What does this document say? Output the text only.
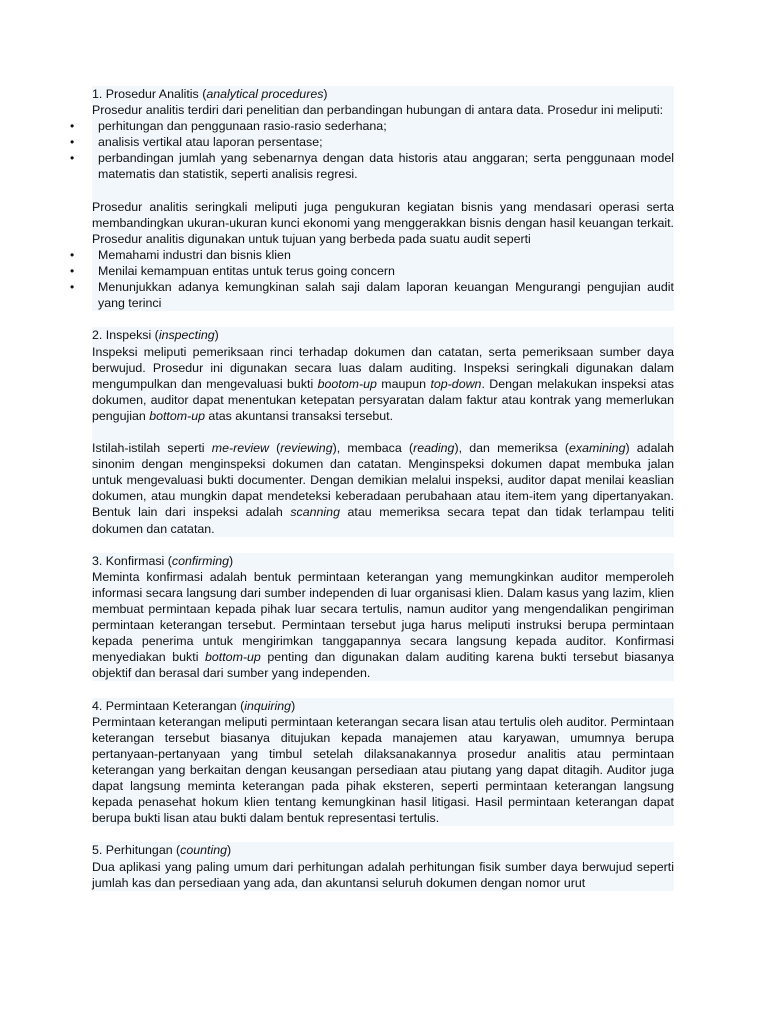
1. Prosedur Analitis (analytical procedures)

Prosedur analitis terdiri dari penelitian dan perbandingan hubungan di antara data. Prosedur ini meliputi:

• perhitungan dan penggunaan rasio-rasio sederhana;
• analisis vertikal atau laporan persentase;
• perbandingan jumlah yang sebenarnya dengan data historis atau anggaran; serta penggunaan model matematis dan statistik, seperti analisis regresi.

Prosedur analitis seringkali meliputi juga pengukuran kegiatan bisnis yang mendasari operasi serta membandingkan ukuran-ukuran kunci ekonomi yang menggerakkan bisnis dengan hasil keuangan terkait. Prosedur analitis digunakan untuk tujuan yang berbeda pada suatu audit seperti

• Memahami industri dan bisnis klien
• Menilai kemampuan entitas untuk terus going concern
• Menunjukkan adanya kemungkinan salah saji dalam laporan keuangan Mengurangi pengujian audit yang terinci

2. Inspeksi (inspecting)

Inspeksi meliputi pemeriksaan rinci terhadap dokumen dan catatan, serta pemeriksaan sumber daya berwujud. Prosedur ini digunakan secara luas dalam auditing. Inspeksi seringkali digunakan dalam mengumpulkan dan mengevaluasi bukti bootom-up maupun top-down. Dengan melakukan inspeksi atas dokumen, auditor dapat menentukan ketepatan persyaratan dalam faktur atau kontrak yang memerlukan pengujian bottom-up atas akuntansi transaksi tersebut.

Istilah-istilah seperti me-review (reviewing), membaca (reading), dan memeriksa (examining) adalah sinonim dengan menginspeksi dokumen dan catatan. Menginspeksi dokumen dapat membuka jalan untuk mengevaluasi bukti documenter. Dengan demikian melalui inspeksi, auditor dapat menilai keaslian dokumen, atau mungkin dapat mendeteksi keberadaan perubahaan atau item-item yang dipertanyakan. Bentuk lain dari inspeksi adalah scanning atau memeriksa secara tepat dan tidak terlampau teliti dokumen dan catatan.

3. Konfirmasi (confirming)

Meminta konfirmasi adalah bentuk permintaan keterangan yang memungkinkan auditor memperoleh informasi secara langsung dari sumber independen di luar organisasi klien. Dalam kasus yang lazim, klien membuat permintaan kepada pihak luar secara tertulis, namun auditor yang mengendalikan pengiriman permintaan keterangan tersebut. Permintaan tersebut juga harus meliputi instruksi berupa permintaan kepada penerima untuk mengirimkan tanggapannya secara langsung kepada auditor. Konfirmasi menyediakan bukti bottom-up penting dan digunakan dalam auditing karena bukti tersebut biasanya objektif dan berasal dari sumber yang independen.

4. Permintaan Keterangan (inquiring)

Permintaan keterangan meliputi permintaan keterangan secara lisan atau tertulis oleh auditor. Permintaan keterangan tersebut biasanya ditujukan kepada manajemen atau karyawan, umumnya berupa pertanyaan-pertanyaan yang timbul setelah dilaksanakannya prosedur analitis atau permintaan keterangan yang berkaitan dengan keusangan persediaan atau piutang yang dapat ditagih. Auditor juga dapat langsung meminta keterangan pada pihak eksteren, seperti permintaan keterangan langsung kepada penasehat hokum klien tentang kemungkinan hasil litigasi. Hasil permintaan keterangan dapat berupa bukti lisan atau bukti dalam bentuk representasi tertulis.

5. Perhitungan (counting)

Dua aplikasi yang paling umum dari perhitungan adalah perhitungan fisik sumber daya berwujud seperti jumlah kas dan persediaan yang ada, dan akuntansi seluruh dokumen dengan nomor urut
